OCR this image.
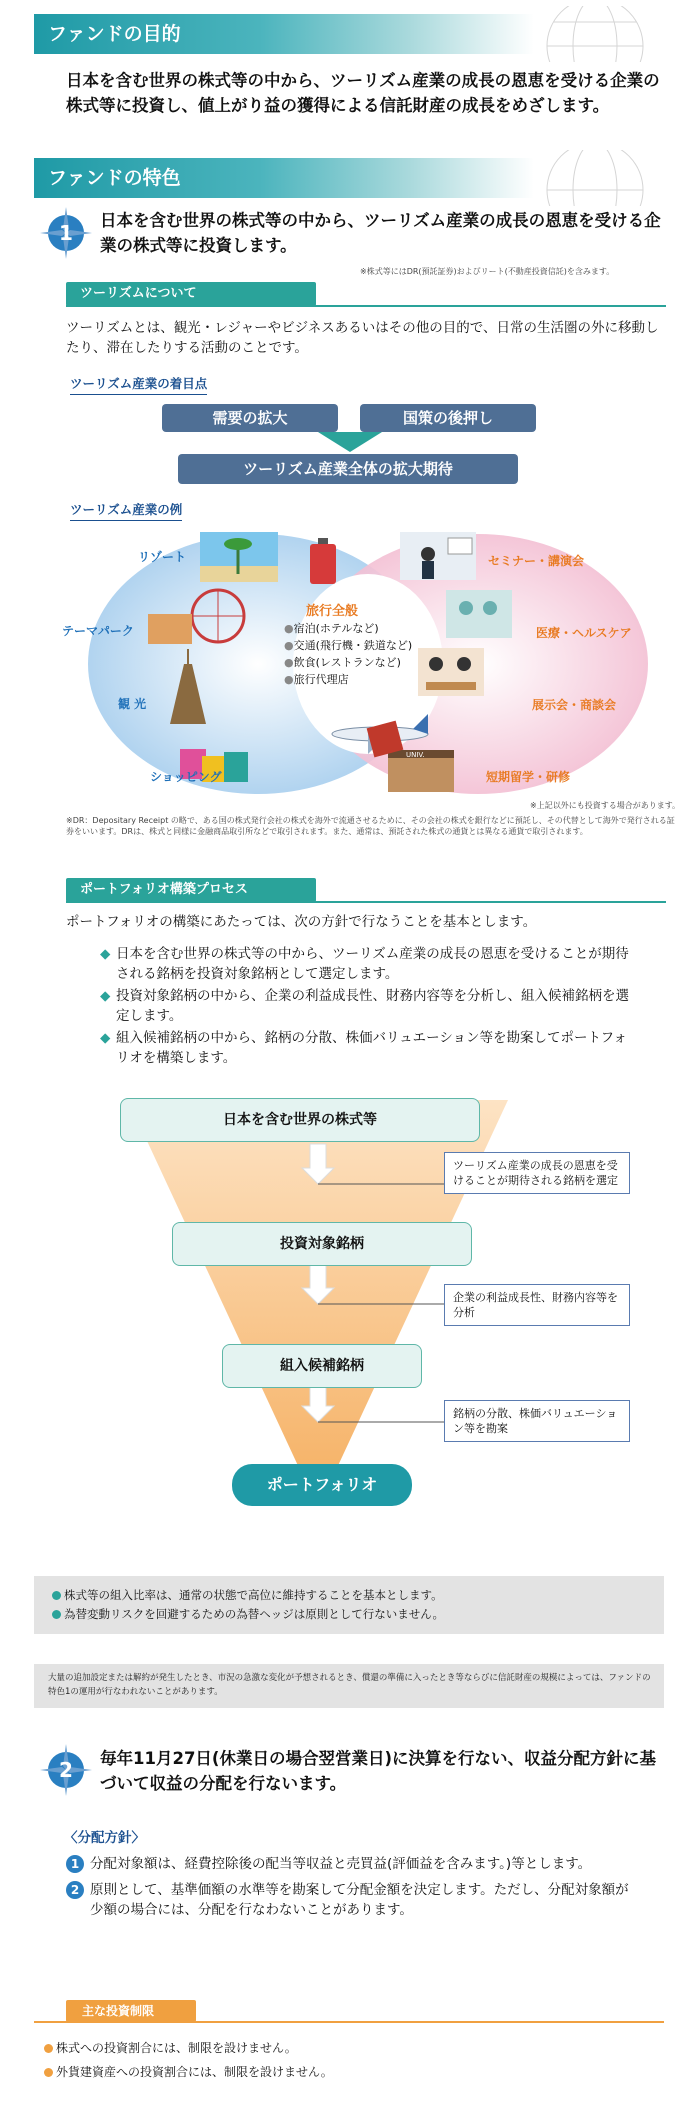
ファンドの目的
日本を含む世界の株式等の中から、ツーリズム産業の成長の恩恵を受ける企業の株式等に投資し、値上がり益の獲得による信託財産の成長をめざします。
ファンドの特色
1
日本を含む世界の株式等の中から、ツーリズム産業の成長の恩恵を受ける企業の株式等に投資します。
※株式等にはDR(預託証券)およびリート(不動産投資信託)を含みます。
ツーリズムについて
ツーリズムとは、観光・レジャーやビジネスあるいはその他の目的で、日常の生活圏の外に移動したり、滞在したりする活動のことです。
ツーリズム産業の着目点
需要の拡大	国策の後押し
ツーリズム産業全体の拡大期待
ツーリズム産業の例
UNIV.
リゾート
テーマパーク
観 光
ショッピング
セミナー・講演会
医療・ヘルスケア
展示会・商談会
短期留学・研修
旅行全般
●宿泊(ホテルなど)
●交通(飛行機・鉄道など)
●飲食(レストランなど)
●旅行代理店
※上記以外にも投資する場合があります。
※DR：Depositary Receipt の略で、ある国の株式発行会社の株式を海外で流通させるために、その会社の株式を銀行などに預託し、その代替として海外で発行される証券をいいます。DRは、株式と同様に金融商品取引所などで取引されます。また、通常は、預託された株式の通貨とは異なる通貨で取引されます。
ポートフォリオ構築プロセス
ポートフォリオの構築にあたっては、次の方針で行なうことを基本とします。
◆ 日本を含む世界の株式等の中から、ツーリズム産業の成長の恩恵を受けることが期待される銘柄を投資対象銘柄として選定します。
◆ 投資対象銘柄の中から、企業の利益成長性、財務内容等を分析し、組入候補銘柄を選定します。
◆ 組入候補銘柄の中から、銘柄の分散、株価バリュエーション等を勘案してポートフォリオを構築します。
日本を含む世界の株式等
投資対象銘柄
組入候補銘柄
ポートフォリオ
ツーリズム産業の成長の恩恵を受けることが期待される銘柄を選定
企業の利益成長性、財務内容等を分析
銘柄の分散、株価バリュエーション等を勘案
株式等の組入比率は、通常の状態で高位に維持することを基本とします。
為替変動リスクを回避するための為替ヘッジは原則として行ないません。
大量の追加設定または解約が発生したとき、市況の急激な変化が予想されるとき、償還の準備に入ったとき等ならびに信託財産の規模によっては、ファンドの特色1の運用が行なわれないことがあります。
2 毎年11月27日(休業日の場合翌営業日)に決算を行ない、収益分配方針に基づいて収益の分配を行ないます。
〈分配方針〉
1 分配対象額は、経費控除後の配当等収益と売買益(評価益を含みます。)等とします。
2 原則として、基準価額の水準等を勘案して分配金額を決定します。ただし、分配対象額が少額の場合には、分配を行なわないことがあります。
主な投資制限
株式への投資割合には、制限を設けません。
外貨建資産への投資割合には、制限を設けません。
